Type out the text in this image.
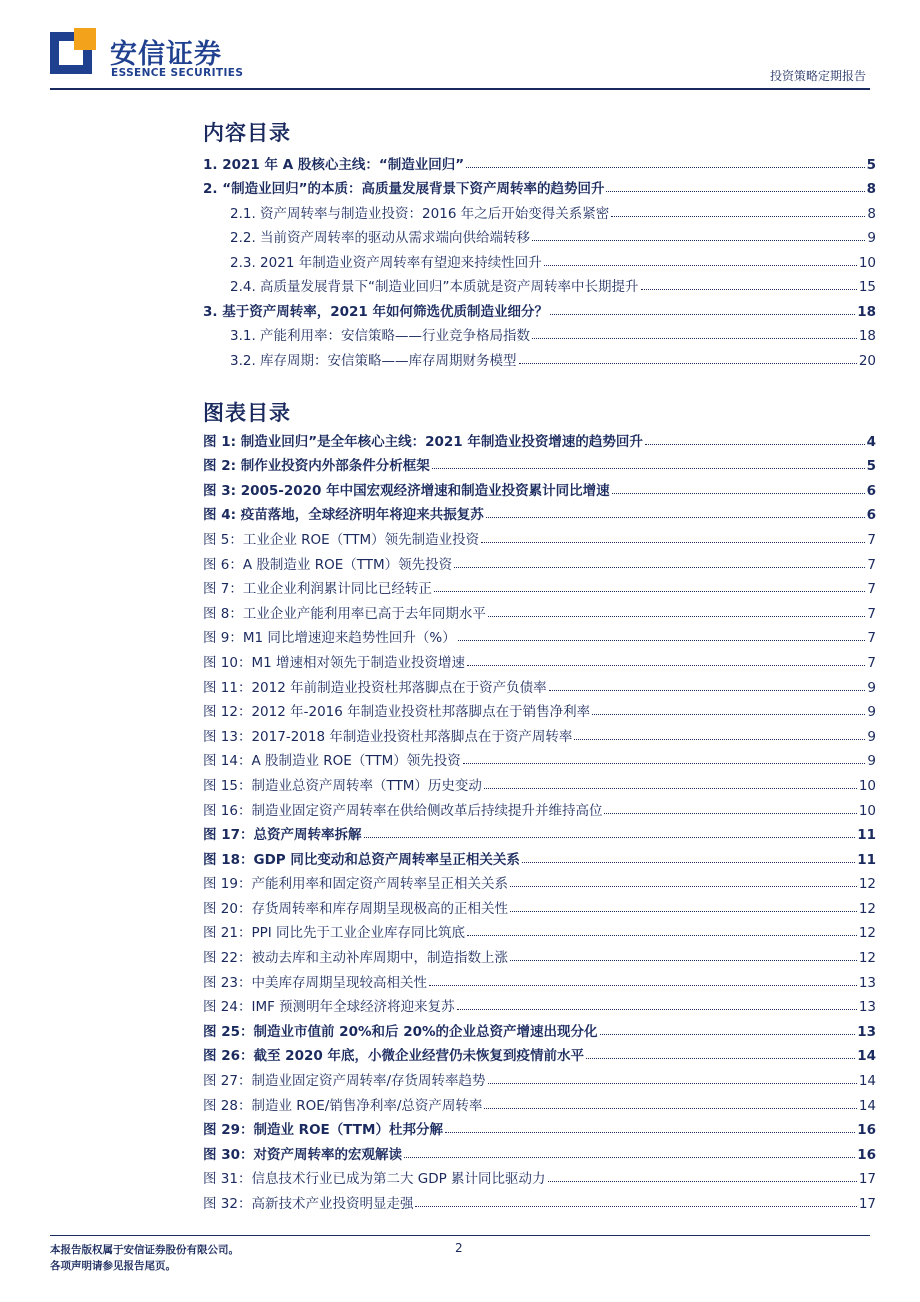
安信证券
ESSENCE SECURITIES	投资策略定期报告
内容目录
1. 2021 年 A 股核心主线：“制造业回归”	5
2. “制造业回归”的本质：高质量发展背景下资产周转率的趋势回升	8
2.1. 资产周转率与制造业投资：2016 年之后开始变得关系紧密	8
2.2. 当前资产周转率的驱动从需求端向供给端转移	9
2.3. 2021 年制造业资产周转率有望迎来持续性回升	10
2.4. 高质量发展背景下“制造业回归”本质就是资产周转率中长期提升	15
3. 基于资产周转率，2021 年如何筛选优质制造业细分？	18
3.1. 产能利用率：安信策略——行业竞争格局指数	18
3.2. 库存周期：安信策略——库存周期财务模型	20
图表目录
图 1: 制造业回归”是全年核心主线：2021 年制造业投资增速的趋势回升	4
图 2: 制作业投资内外部条件分析框架	5
图 3: 2005-2020 年中国宏观经济增速和制造业投资累计同比增速	6
图 4: 疫苗落地，全球经济明年将迎来共振复苏	6
图 5：工业企业 ROE（TTM）领先制造业投资	7
图 6：A 股制造业 ROE（TTM）领先投资	7
图 7：工业企业利润累计同比已经转正	7
图 8：工业企业产能利用率已高于去年同期水平	7
图 9：M1 同比增速迎来趋势性回升（%）	7
图 10：M1 增速相对领先于制造业投资增速	7
图 11：2012 年前制造业投资杜邦落脚点在于资产负债率	9
图 12：2012 年-2016 年制造业投资杜邦落脚点在于销售净利率	9
图 13：2017-2018 年制造业投资杜邦落脚点在于资产周转率	9
图 14：A 股制造业 ROE（TTM）领先投资	9
图 15：制造业总资产周转率（TTM）历史变动	10
图 16：制造业固定资产周转率在供给侧改革后持续提升并维持高位	10
图 17：总资产周转率拆解	11
图 18：GDP 同比变动和总资产周转率呈正相关关系	11
图 19：产能利用率和固定资产周转率呈正相关关系	12
图 20：存货周转率和库存周期呈现极高的正相关性	12
图 21：PPI 同比先于工业企业库存同比筑底	12
图 22：被动去库和主动补库周期中，制造指数上涨	12
图 23：中美库存周期呈现较高相关性	13
图 24：IMF 预测明年全球经济将迎来复苏	13
图 25：制造业市值前 20%和后 20%的企业总资产增速出现分化	13
图 26：截至 2020 年底，小微企业经营仍未恢复到疫情前水平	14
图 27：制造业固定资产周转率/存货周转率趋势	14
图 28：制造业 ROE/销售净利率/总资产周转率	14
图 29：制造业 ROE（TTM）杜邦分解	16
图 30：对资产周转率的宏观解读	16
图 31：信息技术行业已成为第二大 GDP 累计同比驱动力	17
图 32：高新技术产业投资明显走强	17
本报告版权属于安信证券股份有限公司。
各项声明请参见报告尾页。
2
